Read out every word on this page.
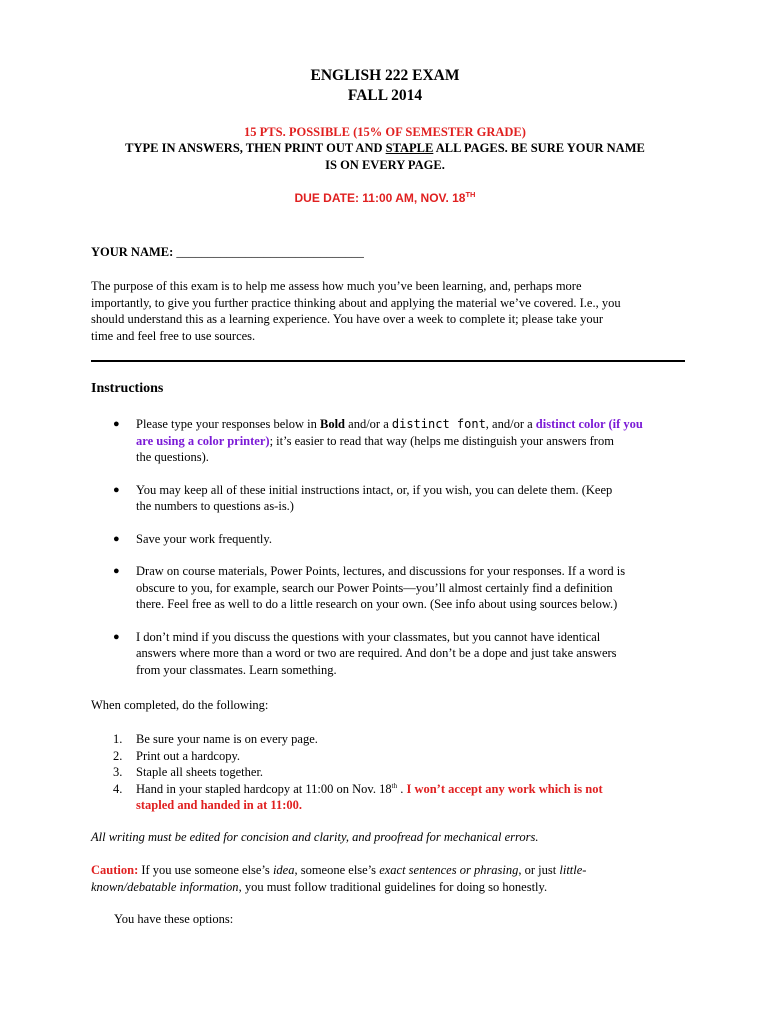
ENGLISH 222 EXAM
FALL 2014
15 PTS. POSSIBLE (15% OF SEMESTER GRADE)
TYPE IN ANSWERS, THEN PRINT OUT AND STAPLE ALL PAGES. BE SURE YOUR NAME
IS ON EVERY PAGE.
DUE DATE: 11:00 AM, NOV. 18TH
YOUR NAME: ______________________________
The purpose of this exam is to help me assess how much you’ve been learning, and, perhaps more
importantly, to give you further practice thinking about and applying the material we’ve covered. I.e., you
should understand this as a learning experience. You have over a week to complete it; please take your
time and feel free to use sources.
Instructions
● Please type your responses below in Bold and/or a distinct font, and/or a distinct color (if you
are using a color printer); it’s easier to read that way (helps me distinguish your answers from
the questions).
● You may keep all of these initial instructions intact, or, if you wish, you can delete them. (Keep
the numbers to questions as-is.)
● Save your work frequently.
● Draw on course materials, Power Points, lectures, and discussions for your responses. If a word is
obscure to you, for example, search our Power Points—you’ll almost certainly find a definition
there. Feel free as well to do a little research on your own. (See info about using sources below.)
● I don’t mind if you discuss the questions with your classmates, but you cannot have identical
answers where more than a word or two are required. And don’t be a dope and just take answers
from your classmates. Learn something.
When completed, do the following:
1. Be sure your name is on every page.
2. Print out a hardcopy.
3. Staple all sheets together.
4. Hand in your stapled hardcopy at 11:00 on Nov. 18th . I won’t accept any work which is not
stapled and handed in at 11:00.
All writing must be edited for concision and clarity, and proofread for mechanical errors.
Caution: If you use someone else’s idea, someone else’s exact sentences or phrasing, or just little-
known/debatable information, you must follow traditional guidelines for doing so honestly.
You have these options:
